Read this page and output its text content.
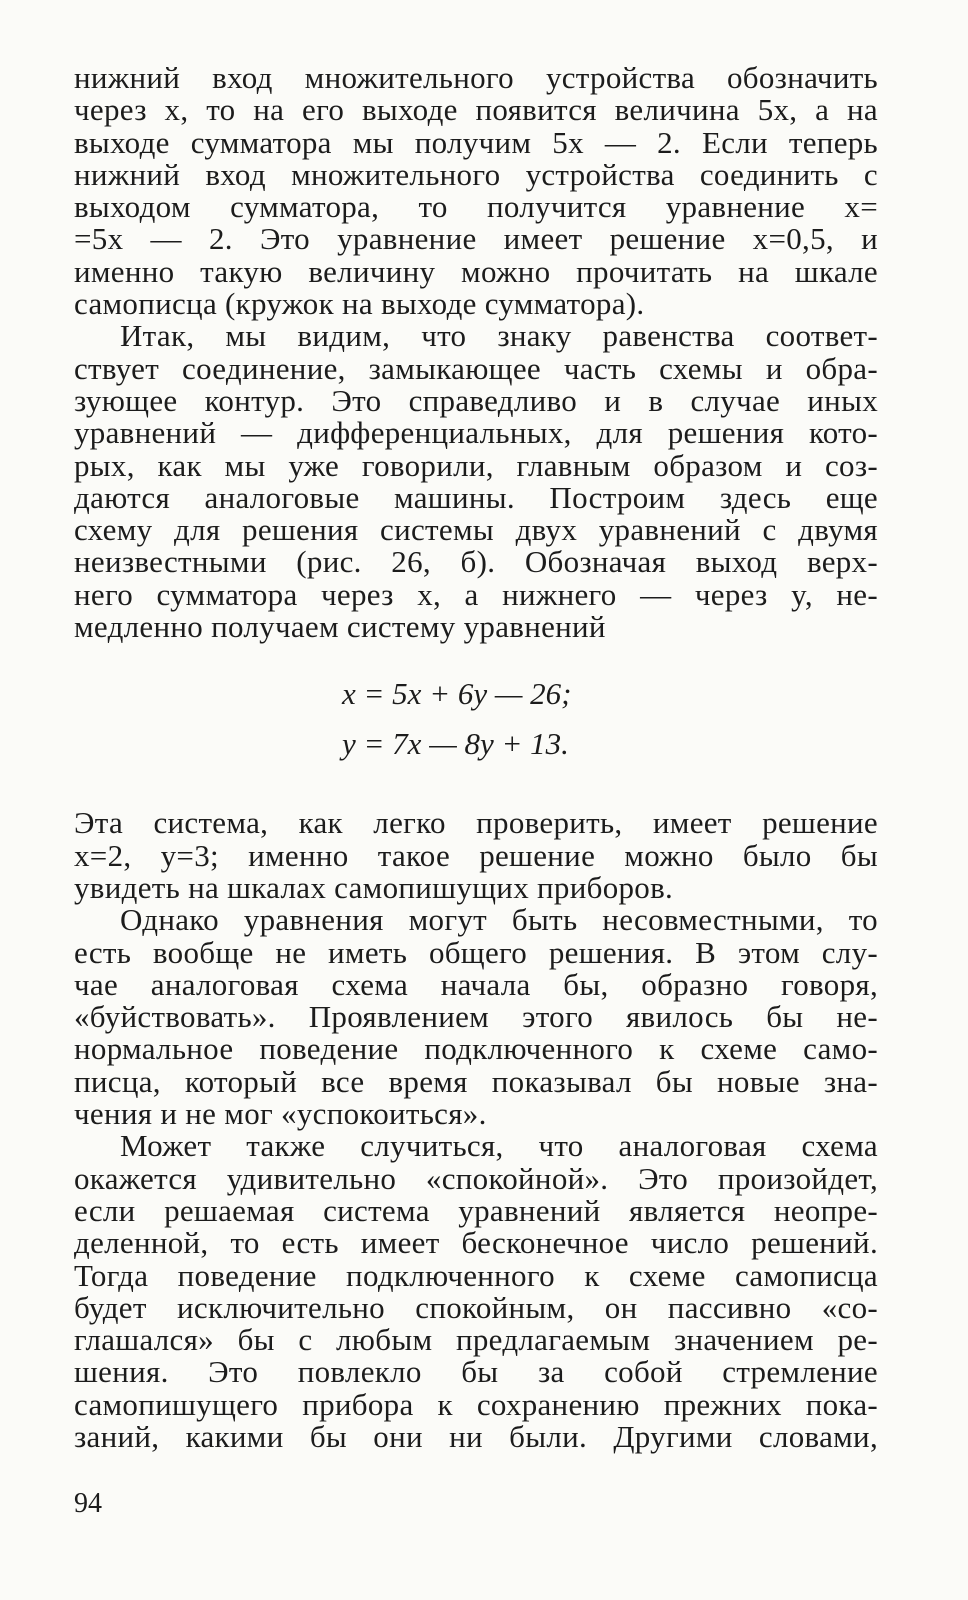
нижний вход множительного устройства обозначить
через x, то на его выходе появится величина 5x, а на
выходе сумматора мы получим 5x — 2. Если теперь
нижний вход множительного устройства соединить с
выходом сумматора, то получится уравнение x=
=5x — 2. Это уравнение имеет решение x=0,5, и
именно такую величину можно прочитать на шкале
самописца (кружок на выходе сумматора).
Итак, мы видим, что знаку равенства соответ-
ствует соединение, замыкающее часть схемы и обра-
зующее контур. Это справедливо и в случае иных
уравнений — дифференциальных, для решения кото-
рых, как мы уже говорили, главным образом и соз-
даются аналоговые машины. Построим здесь еще
схему для решения системы двух уравнений с двумя
неизвестными (рис. 26, б). Обозначая выход верх-
него сумматора через x, а нижнего — через y, не-
медленно получаем систему уравнений
x = 5x + 6y — 26;
y = 7x — 8y + 13.
Эта система, как легко проверить, имеет решение
x=2, y=3; именно такое решение можно было бы
увидеть на шкалах самопишущих приборов.
Однако уравнения могут быть несовместными, то
есть вообще не иметь общего решения. В этом слу-
чае аналоговая схема начала бы, образно говоря,
«буйствовать». Проявлением этого явилось бы не-
нормальное поведение подключенного к схеме само-
писца, который все время показывал бы новые зна-
чения и не мог «успокоиться».
Может также случиться, что аналоговая схема
окажется удивительно «спокойной». Это произойдет,
если решаемая система уравнений является неопре-
деленной, то есть имеет бесконечное число решений.
Тогда поведение подключенного к схеме самописца
будет исключительно спокойным, он пассивно «со-
глашался» бы с любым предлагаемым значением ре-
шения. Это повлекло бы за собой стремление
самопишущего прибора к сохранению прежних пока-
заний, какими бы они ни были. Другими словами,
94
